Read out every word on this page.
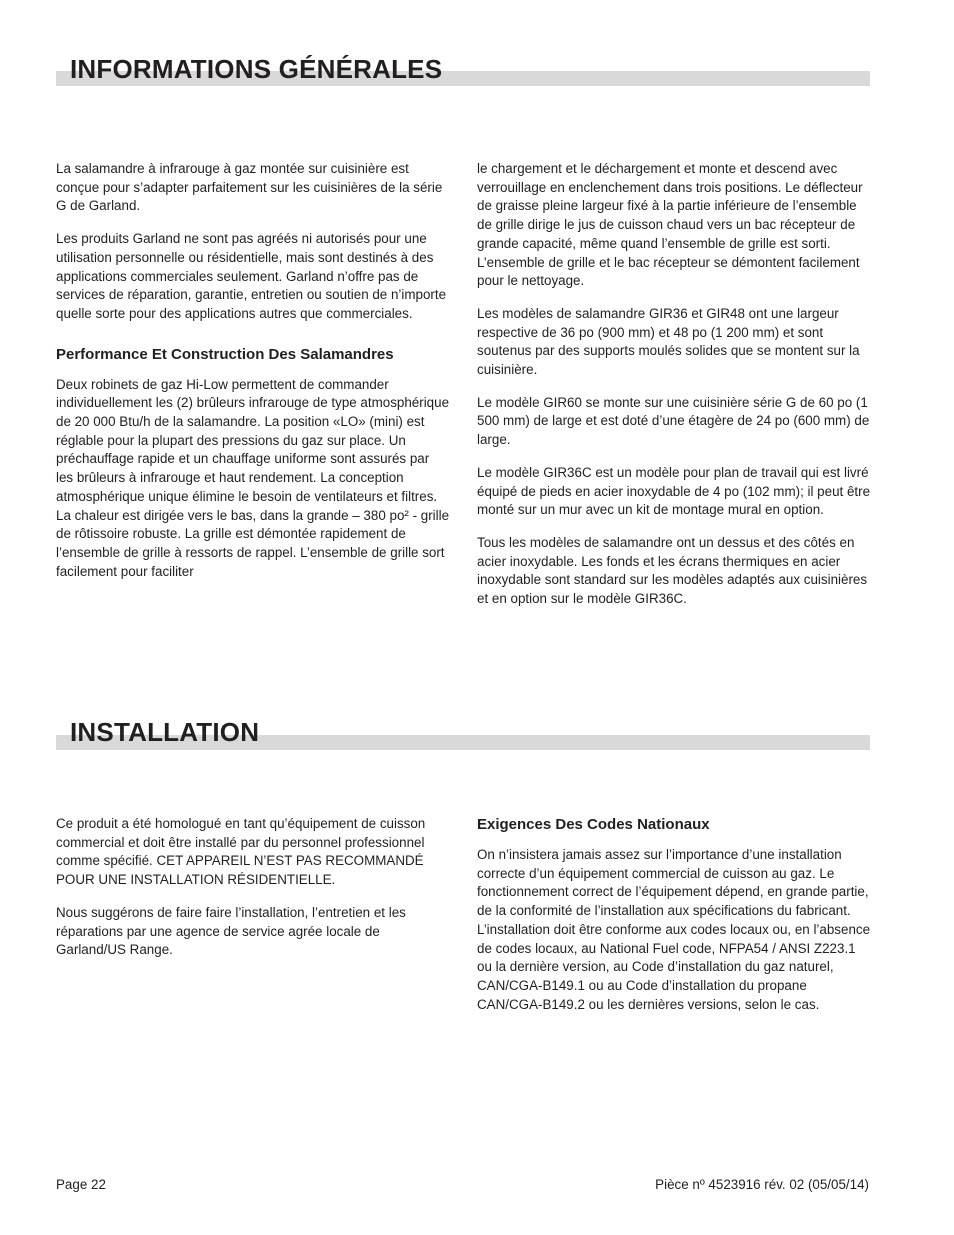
INFORMATIONS GÉNÉRALES

La salamandre à infrarouge à gaz montée sur cuisinière est conçue pour s’adapter parfaitement sur les cuisinières de la série G de Garland.

Les produits Garland ne sont pas agréés ni autorisés pour une utilisation personnelle ou résidentielle, mais sont destinés à des applications commerciales seulement. Garland n’offre pas de services de réparation, garantie, entretien ou soutien de n’importe quelle sorte pour des applications autres que commerciales.

Performance Et Construction Des Salamandres

Deux robinets de gaz Hi-Low permettent de commander individuellement les (2) brûleurs infrarouge de type atmosphérique de 20 000 Btu/h de la salamandre. La position «LO» (mini) est réglable pour la plupart des pressions du gaz sur place. Un préchauffage rapide et un chauffage uniforme sont assurés par les brûleurs à infrarouge et haut rendement. La conception atmosphérique unique élimine le besoin de ventilateurs et filtres. La chaleur est dirigée vers le bas, dans la grande – 380 po² - grille de rôtissoire robuste. La grille est démontée rapidement de l’ensemble de grille à ressorts de rappel. L’ensemble de grille sort facilement pour faciliter

le chargement et le déchargement et monte et descend avec verrouillage en enclenchement dans trois positions. Le déflecteur de graisse pleine largeur fixé à la partie inférieure de l’ensemble de grille dirige le jus de cuisson chaud vers un bac récepteur de grande capacité, même quand l’ensemble de grille est sorti. L’ensemble de grille et le bac récepteur se démontent facilement pour le nettoyage.

Les modèles de salamandre GIR36 et GIR48 ont une largeur respective de 36 po (900 mm) et 48 po (1 200 mm) et sont soutenus par des supports moulés solides que se montent sur la cuisinière.

Le modèle GIR60 se monte sur une cuisinière série G de 60 po (1 500 mm) de large et est doté d’une étagère de 24 po (600 mm) de large.

Le modèle GIR36C est un modèle pour plan de travail qui est livré équipé de pieds en acier inoxydable de 4 po (102 mm); il peut être monté sur un mur avec un kit de montage mural en option.

Tous les modèles de salamandre ont un dessus et des côtés en acier inoxydable. Les fonds et les écrans thermiques en acier inoxydable sont standard sur les modèles adaptés aux cuisinières et en option sur le modèle GIR36C.

INSTALLATION

Ce produit a été homologué en tant qu’équipement de cuisson commercial et doit être installé par du personnel professionnel comme spécifié. CET APPAREIL N’EST PAS RECOMMANDÉ POUR UNE INSTALLATION RÉSIDENTIELLE.

Nous suggérons de faire faire l’installation, l’entretien et les réparations par une agence de service agrée locale de Garland/US Range.

Exigences Des Codes Nationaux

On n’insistera jamais assez sur l’importance d’une installation correcte d’un équipement commercial de cuisson au gaz. Le fonctionnement correct de l’équipement dépend, en grande partie, de la conformité de l’installation aux spécifications du fabricant. L’installation doit être conforme aux codes locaux ou, en l’absence de codes locaux, au National Fuel code, NFPA54 / ANSI Z223.1 ou la dernière version, au Code d’installation du gaz naturel, CAN/CGA-B149.1 ou au Code d’installation du propane CAN/CGA-B149.2 ou les dernières versions, selon le cas.

Page 22	Pièce nº 4523916 rév. 02 (05/05/14)
